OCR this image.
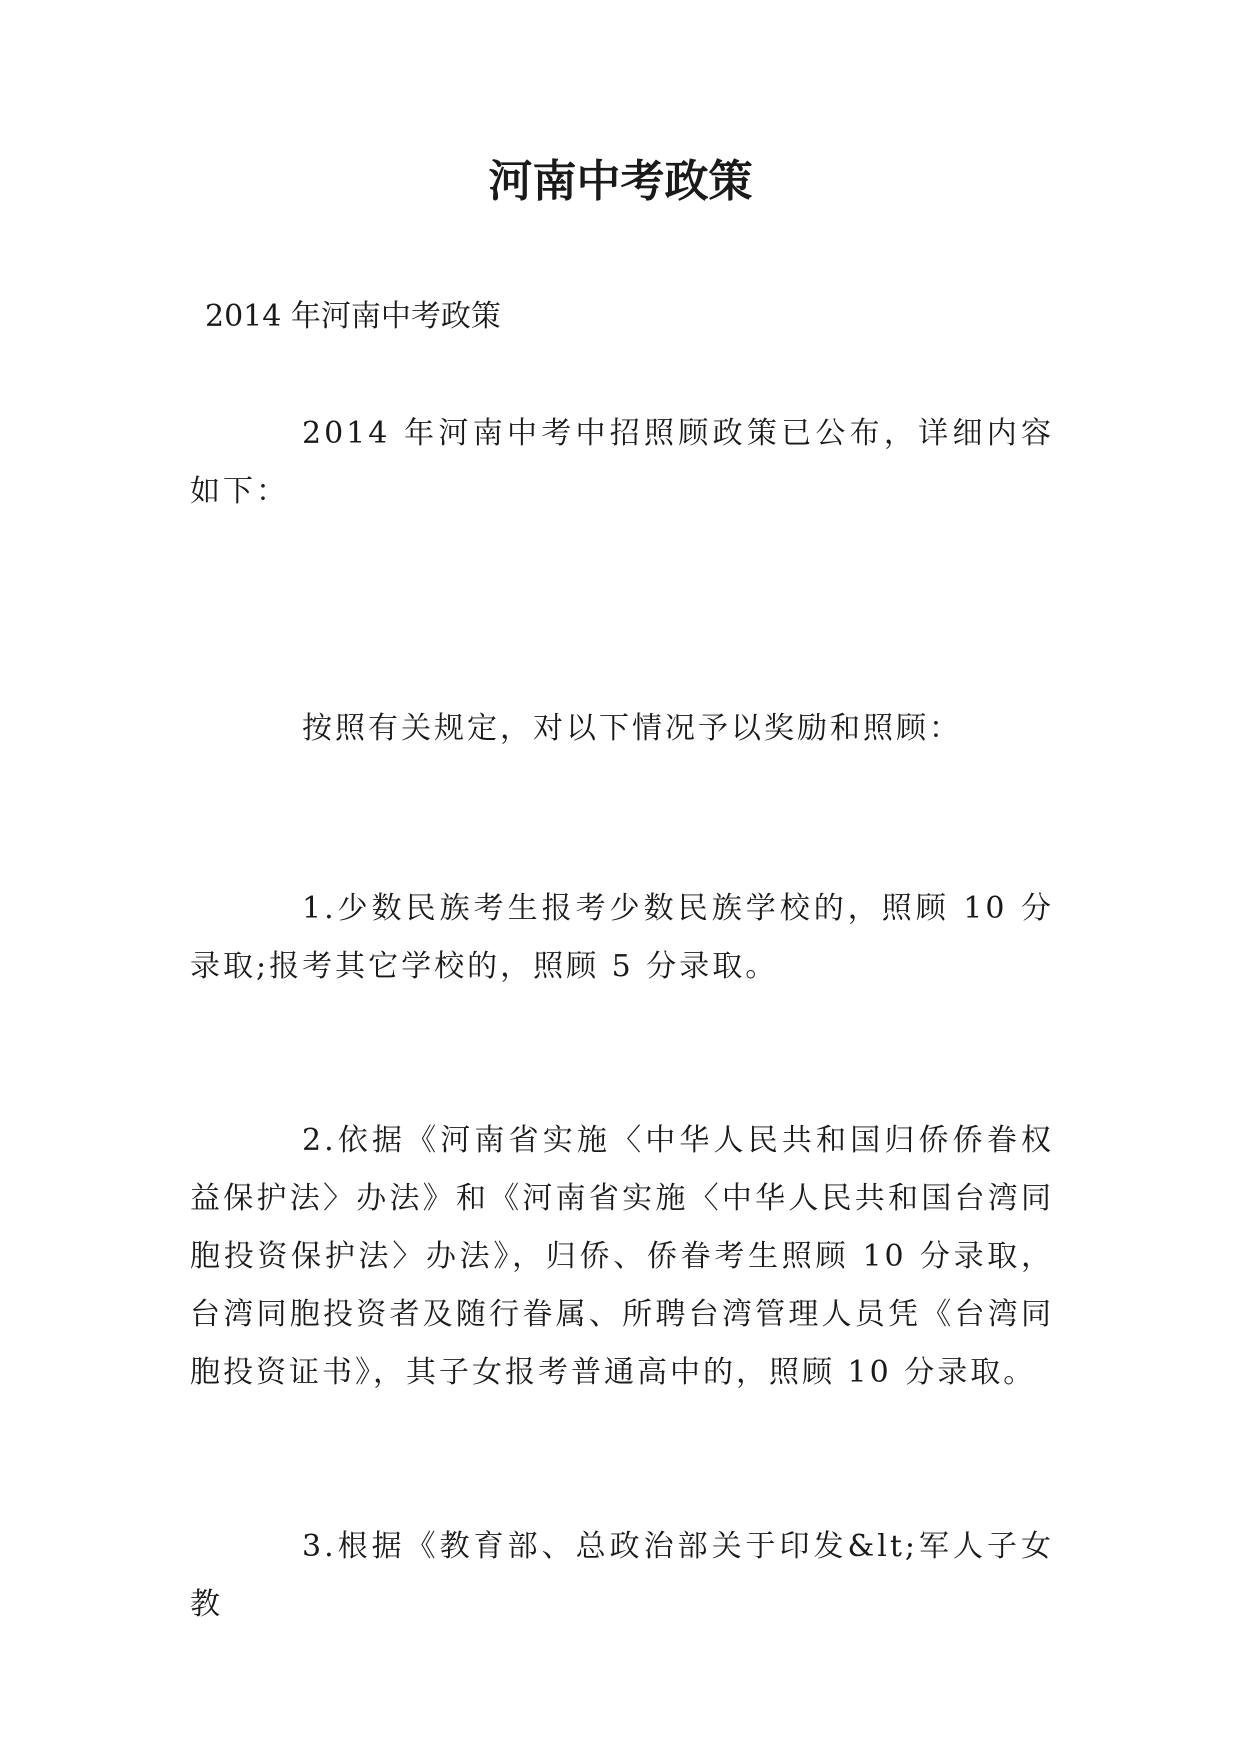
河南中考政策

2014 年河南中考政策

2014 年河南中考中招照顾政策已公布，详细内容如下：

按照有关规定，对以下情况予以奖励和照顾：

1.少数民族考生报考少数民族学校的，照顾 10 分录取;报考其它学校的，照顾 5 分录取。

2.依据《河南省实施〈中华人民共和国归侨侨眷权益保护法〉办法》和《河南省实施〈中华人民共和国台湾同胞投资保护法〉办法》，归侨、侨眷考生照顾 10 分录取，台湾同胞投资者及随行眷属、所聘台湾管理人员凭《台湾同胞投资证书》，其子女报考普通高中的，照顾 10 分录取。

3.根据《教育部、总政治部关于印发&lt;军人子女教
